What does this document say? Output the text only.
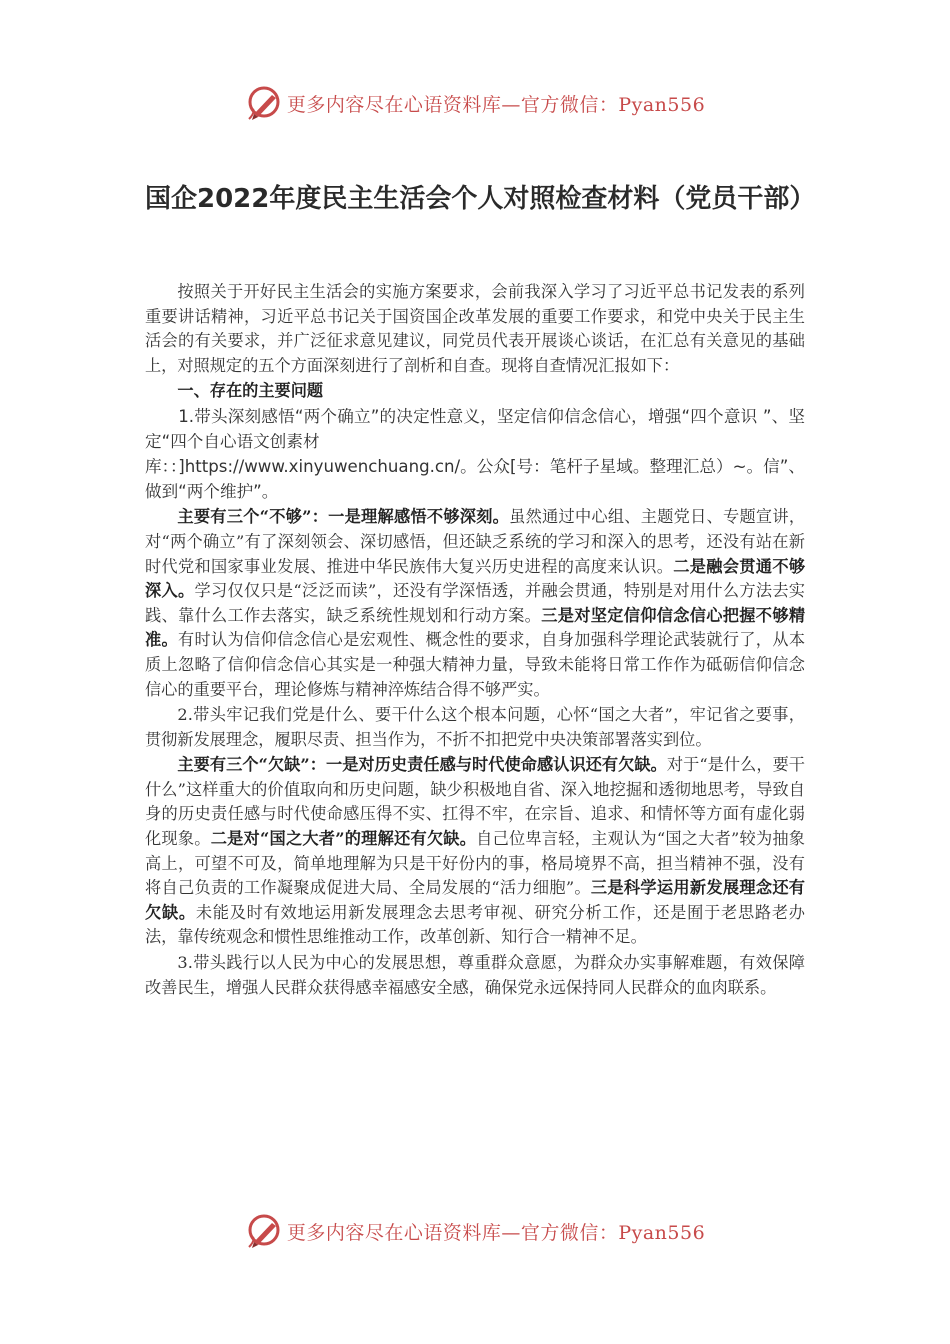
更多内容尽在心语资料库—官方微信：Pyan556
国企2022年度民主生活会个人对照检查材料（党员干部）

按照关于开好民主生活会的实施方案要求，会前我深入学习了习近平总书记发表的系列重要讲话精神，习近平总书记关于国资国企改革发展的重要工作要求，和党中央关于民主生活会的有关要求，并广泛征求意见建议，同党员代表开展谈心谈话，在汇总有关意见的基础上，对照规定的五个方面深刻进行了剖析和自查。现将自查情况汇报如下：

一、存在的主要问题

1.带头深刻感悟“两个确立”的决定性意义，坚定信仰信念信心，增强“四个意识 ”、坚定“四个自心语文创素材

库：：]https://www.xinyuwenchuang.cn/。公众[号：笔杆子星域。整理汇总）~。信”、做到“两个维护”。

主要有三个“不够”：一是理解感悟不够深刻。虽然通过中心组、主题党日、专题宣讲，对“两个确立”有了深刻领会、深切感悟，但还缺乏系统的学习和深入的思考，还没有站在新时代党和国家事业发展、推进中华民族伟大复兴历史进程的高度来认识。二是融会贯通不够深入。学习仅仅只是“泛泛而读”，还没有学深悟透，并融会贯通，特别是对用什么方法去实践、靠什么工作去落实，缺乏系统性规划和行动方案。三是对坚定信仰信念信心把握不够精准。有时认为信仰信念信心是宏观性、概念性的要求，自身加强科学理论武装就行了，从本质上忽略了信仰信念信心其实是一种强大精神力量，导致未能将日常工作作为砥砺信仰信念信心的重要平台，理论修炼与精神淬炼结合得不够严实。

2.带头牢记我们党是什么、要干什么这个根本问题，心怀“国之大者”，牢记省之要事，贯彻新发展理念，履职尽责、担当作为，不折不扣把党中央决策部署落实到位。

主要有三个“欠缺”：一是对历史责任感与时代使命感认识还有欠缺。对于“是什么，要干什么”这样重大的价值取向和历史问题，缺少积极地自省、深入地挖掘和透彻地思考，导致自身的历史责任感与时代使命感压得不实、扛得不牢，在宗旨、追求、和情怀等方面有虚化弱化现象。二是对“国之大者”的理解还有欠缺。自己位卑言轻，主观认为“国之大者”较为抽象高上，可望不可及，简单地理解为只是干好份内的事，格局境界不高，担当精神不强，没有将自己负责的工作凝聚成促进大局、全局发展的“活力细胞”。三是科学运用新发展理念还有欠缺。未能及时有效地运用新发展理念去思考审视、研究分析工作，还是囿于老思路老办法，靠传统观念和惯性思维推动工作，改革创新、知行合一精神不足。

3.带头践行以人民为中心的发展思想，尊重群众意愿，为群众办实事解难题，有效保障改善民生，增强人民群众获得感幸福感安全感，确保党永远保持同人民群众的血肉联系。

更多内容尽在心语资料库—官方微信：Pyan556
